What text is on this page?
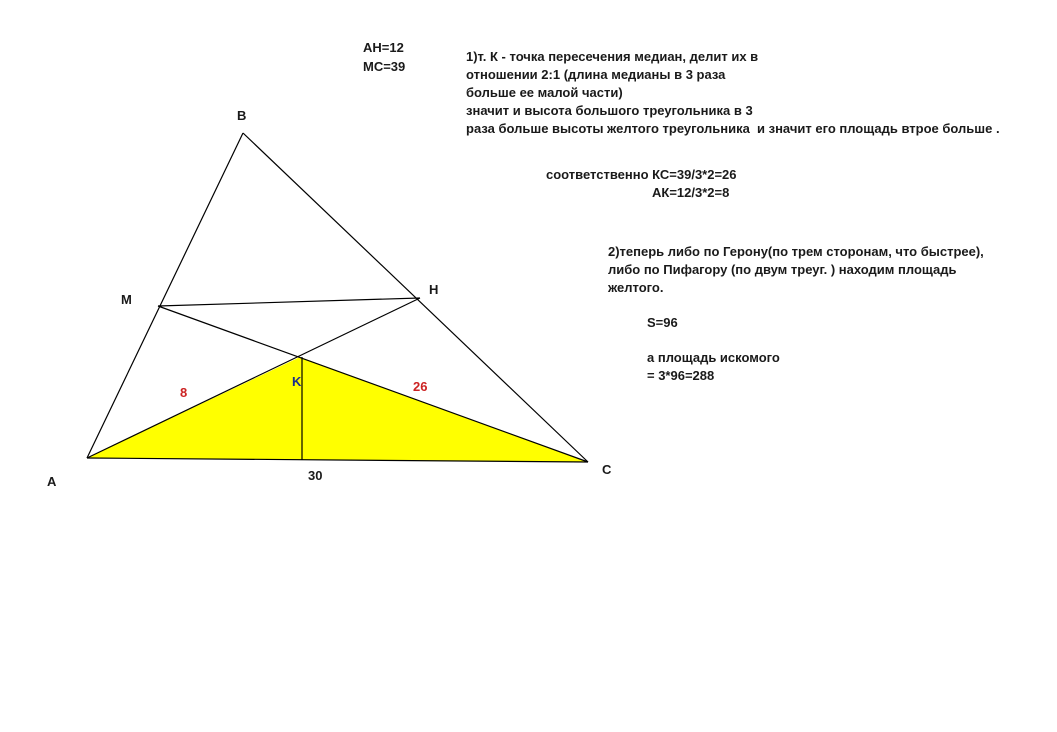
B
M
H
K
A
C
8	26
30
AH=12
MC=39
1)т. К - точка пересечения медиан, делит их в
отношении 2:1 (длина медианы в 3 раза
больше ее малой части)
значит и высота большого треугольника в 3
раза больше высоты желтого треугольника и значит его площадь втрое больше .
соответственно КС=39/3*2=26
АК=12/3*2=8
2)теперь либо по Герону(по трем сторонам, что быстрее),
либо по Пифагору (по двум треуг. ) находим площадь
желтого.
S=96
а площадь искомого
= 3*96=288
